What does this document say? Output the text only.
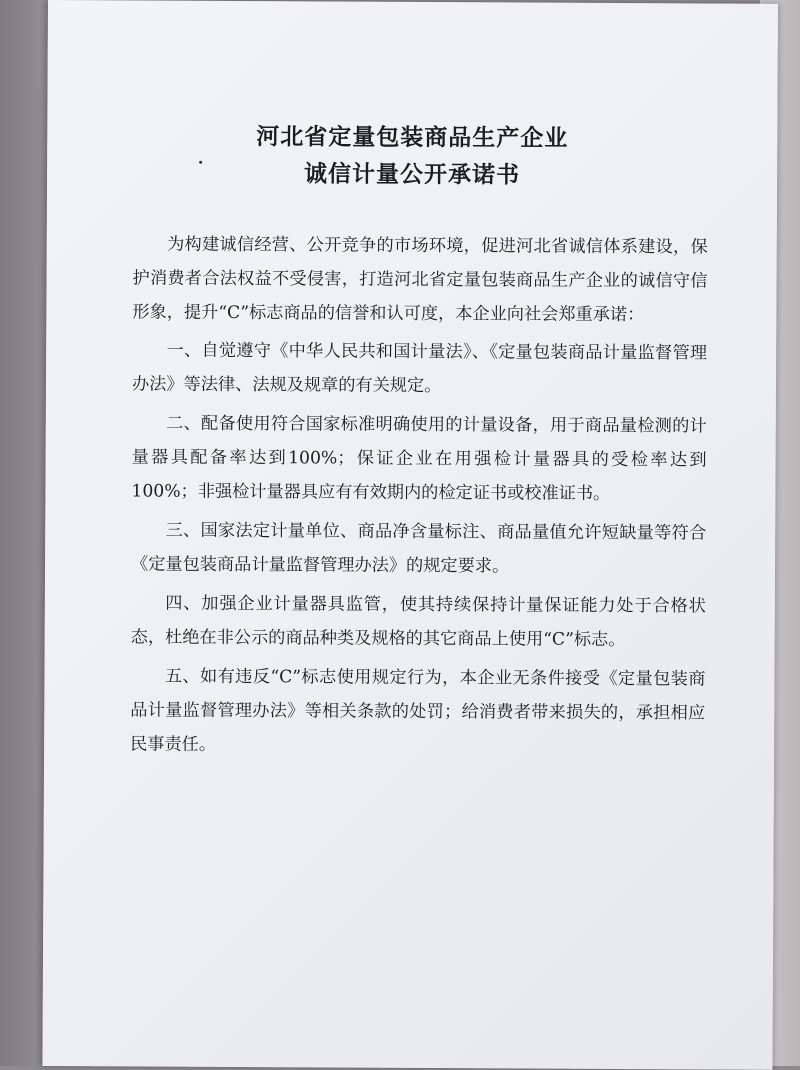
河北省定量包装商品生产企业
诚信计量公开承诺书

为构建诚信经营、公开竞争的市场环境，促进河北省诚信体系建设，保护消费者合法权益不受侵害，打造河北省定量包装商品生产企业的诚信守信形象，提升“C”标志商品的信誉和认可度，本企业向社会郑重承诺：

一、自觉遵守《中华人民共和国计量法》、《定量包装商品计量监督管理办法》等法律、法规及规章的有关规定。

二、配备使用符合国家标准明确使用的计量设备，用于商品量检测的计量器具配备率达到100%；保证企业在用强检计量器具的受检率达到100%；非强检计量器具应有有效期内的检定证书或校准证书。

三、国家法定计量单位、商品净含量标注、商品量值允许短缺量等符合《定量包装商品计量监督管理办法》的规定要求。

四、加强企业计量器具监管，使其持续保持计量保证能力处于合格状态，杜绝在非公示的商品种类及规格的其它商品上使用“C”标志。

五、如有违反“C”标志使用规定行为，本企业无条件接受《定量包装商品计量监督管理办法》等相关条款的处罚；给消费者带来损失的，承担相应民事责任。
